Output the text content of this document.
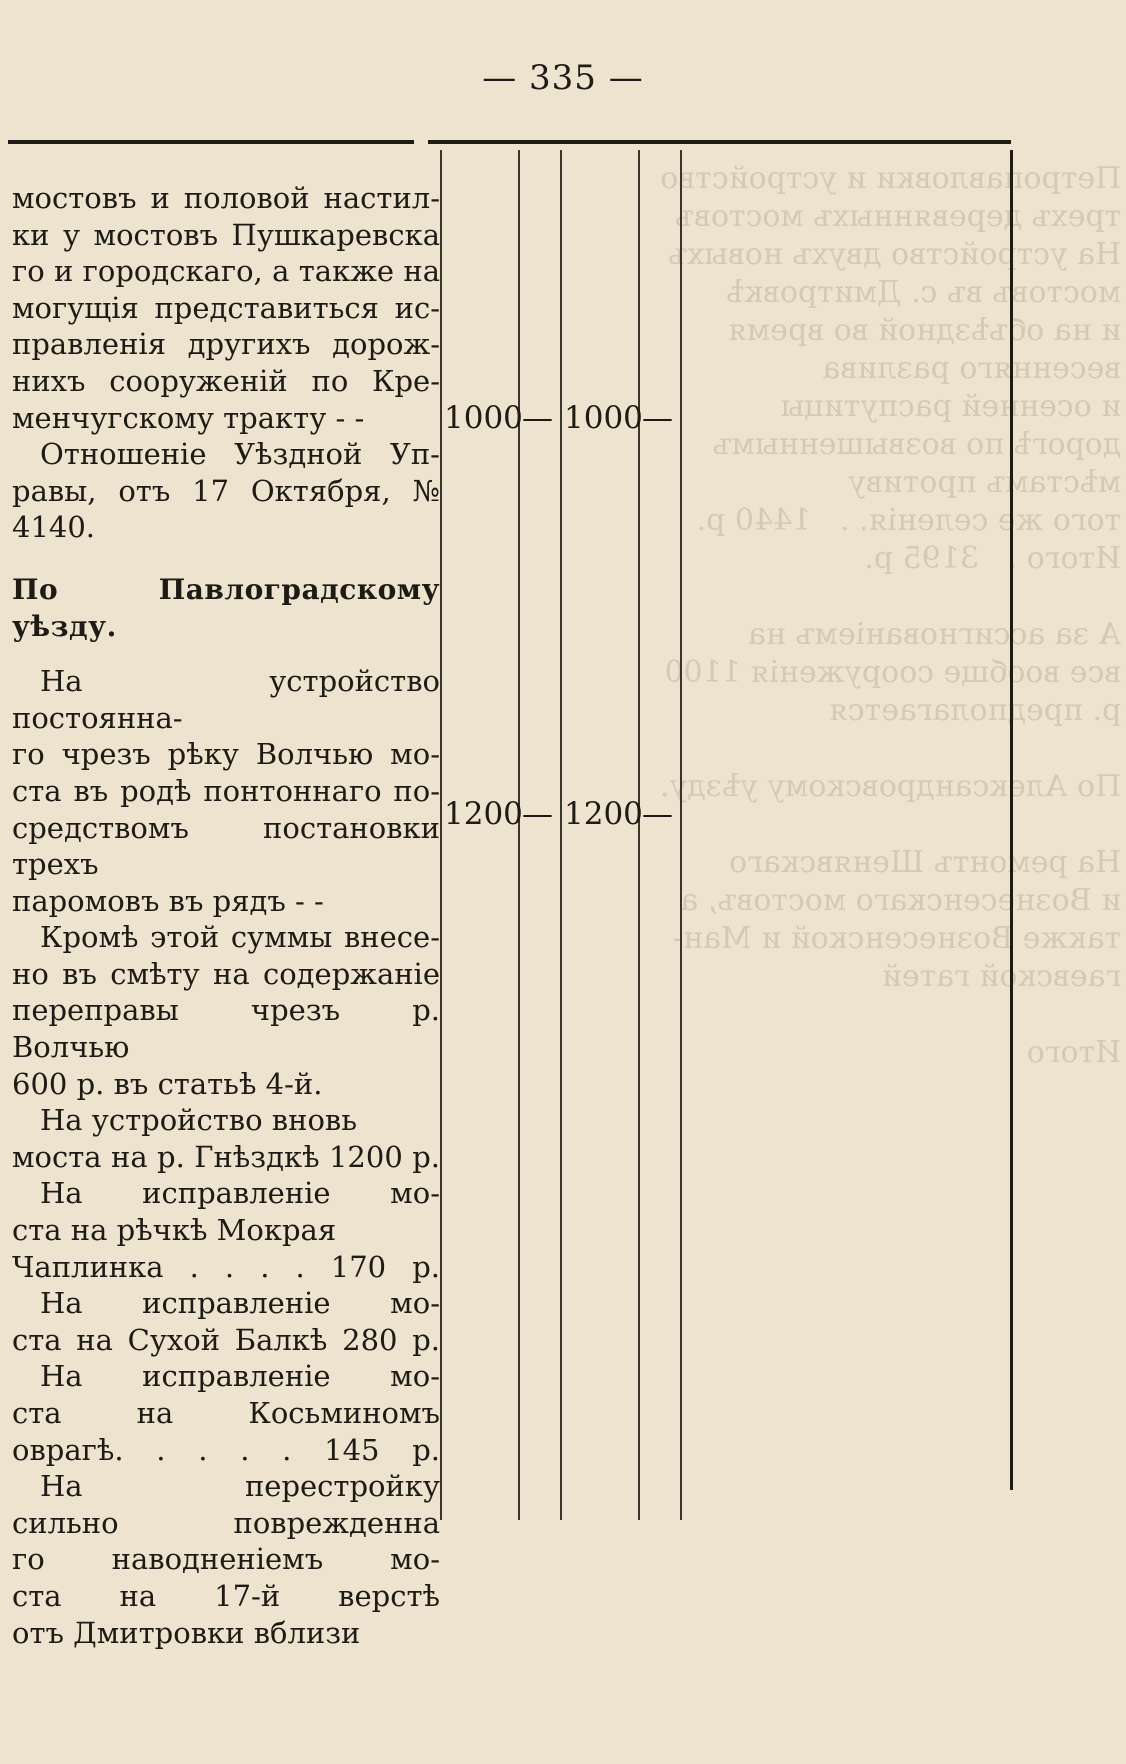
Петропавловки и устройство
трехъ деревянныхъ мостовъ
На устройство двухъ новыхъ
мостовъ въ с. Дмитровкѣ
и на объѣздной во время
весенняго разлива
и осенней распутицы
дорогѣ по возвышеннымъ
мѣстамъ противу
того же селенія. .   1440 р.
Итого    3195 р.

А за ассигнованіемъ на
все вообще сооруженія 1100
р. предполагается

По Александровскому уѣзду.

На ремонтъ Шенявскаго
и Вознесенскаго мостовъ, а
также Вознесенской и Ман-
гаевской гатей

Итого
— 335 —

мостовъ и половой настил-

ки у мостовъ Пушкаревска

го и городскаго, а также на

могущія представиться ис-

правленія другихъ дорож-

нихъ сооруженій по Кре-

менчугскому тракту - -

Отношеніе Уѣздной Уп-

равы, отъ 17 Октября, №

4140.

По Павлоградскому уѣзду.

На устройство постоянна-

го чрезъ рѣку Волчью мо-

ста въ родѣ понтоннаго по-

средствомъ постановки трехъ

паромовъ въ рядъ - -

Кромѣ этой суммы внесе-

но въ смѣту на содержаніе

переправы чрезъ р. Волчью

600 р. въ статьѣ 4-й.

На устройство вновь

моста на р. Гнѣздкѣ 1200 р.

На исправленіе мо-

ста на рѣчкѣ Мокрая

Чаплинка . . . . 170 р.

На исправленіе мо-

ста на Сухой Балкѣ 280 р.

На исправленіе мо-

ста на Косьминомъ

оврагѣ. . . . . 145 р.

На перестройку

сильно поврежденна

го наводненіемъ мо-

ста на 17-й верстѣ

отъ Дмитровки вблизи

1000 — 1000 —
1200 — 1200 —
